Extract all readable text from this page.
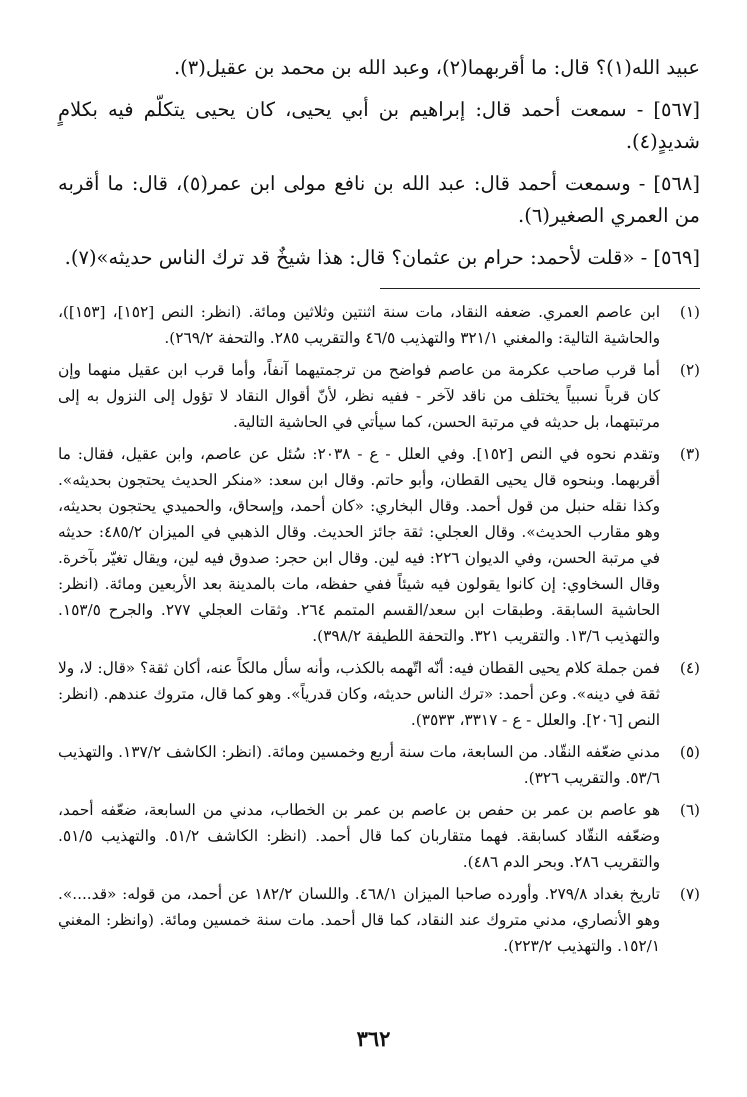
عبيد الله(١)؟ قال: ما أقربهما(٢)، وعبد الله بن محمد بن عقيل(٣).

[٥٦٧] - سمعت أحمد قال: إبراهيم بن أبي يحيى، كان يحيى يتكلّم فيه بكلامٍ شديدٍ(٤).

[٥٦٨] - وسمعت أحمد قال: عبد الله بن نافع مولى ابن عمر(٥)، قال: ما أقربه من العمري الصغير(٦).

[٥٦٩] - «قلت لأحمد: حرام بن عثمان؟ قال: هذا شيخٌ قد ترك الناس حديثه»(٧).

(١)
ابن عاصم العمري. ضعفه النقاد، مات سنة اثنتين وثلاثين ومائة. (انظر: النص [١٥٢]، [١٥٣])، والحاشية التالية: والمغني ٣٢١/١ والتهذيب ٤٦/٥ والتقريب ٢٨٥. والتحفة ٢٦٩/٢).
(٢)
أما قرب صاحب عكرمة من عاصم فواضح من ترجمتيهما آنفاً، وأما قرب ابن عقيل منهما وإن كان قرباً نسبياً يختلف من ناقد لآخر - ففيه نظر، لأنّ أقوال النقاد لا تؤول إلى النزول به إلى مرتبتهما، بل حديثه في مرتبة الحسن، كما سيأتي في الحاشية التالية.
(٣)
وتقدم نحوه في النص [١٥٢]. وفي العلل - ع - ٢٠٣٨: سُئل عن عاصم، وابن عقيل، فقال: ما أقربهما. وبنحوه قال يحيى القطان، وأبو حاتم. وقال ابن سعد: «منكر الحديث يحتجون بحديثه». وكذا نقله حنبل من قول أحمد. وقال البخاري: «كان أحمد، وإسحاق، والحميدي يحتجون بحديثه، وهو مقارب الحديث». وقال العجلي: ثقة جائز الحديث. وقال الذهبي في الميزان ٤٨٥/٢: حديثه في مرتبة الحسن، وفي الديوان ٢٢٦: فيه لين. وقال ابن حجر: صدوق فيه لين، ويقال تغيّر بآخرة. وقال السخاوي: إن كانوا يقولون فيه شيئاً ففي حفظه، مات بالمدينة بعد الأربعين ومائة. (انظر: الحاشية السابقة. وطبقات ابن سعد/القسم المتمم ٢٦٤. وثقات العجلي ٢٧٧. والجرح ١٥٣/٥. والتهذيب ١٣/٦. والتقريب ٣٢١. والتحفة اللطيفة ٣٩٨/٢).
(٤)
فمن جملة كلام يحيى القطان فيه: أنّه اتّهمه بالكذب، وأنه سأل مالكاً عنه، أكان ثقة؟ «قال: لا، ولا ثقة في دينه». وعن أحمد: «ترك الناس حديثه، وكان قدرياً». وهو كما قال، متروك عندهم. (انظر: النص [٢٠٦]. والعلل - ع - ٣٣١٧، ٣٥٣٣).
(٥)
مدني ضعّفه النقّاد. من السابعة، مات سنة أربع وخمسين ومائة. (انظر: الكاشف ١٣٧/٢. والتهذيب ٥٣/٦. والتقريب ٣٢٦).
(٦)
هو عاصم بن عمر بن حفص بن عاصم بن عمر بن الخطاب، مدني من السابعة، ضعّفه أحمد، وضعّفه النقّاد كسابقة. فهما متقاربان كما قال أحمد. (انظر: الكاشف ٥١/٢. والتهذيب ٥١/٥. والتقريب ٢٨٦. وبحر الدم ٤٨٦).
(٧)
تاريخ بغداد ٢٧٩/٨. وأورده صاحبا الميزان ٤٦٨/١. واللسان ١٨٢/٢ عن أحمد، من قوله: «قد....». وهو الأنصاري، مدني متروك عند النقاد، كما قال أحمد. مات سنة خمسين ومائة. (وانظر: المغني ١٥٢/١. والتهذيب ٢٢٣/٢).
٣٦٢
